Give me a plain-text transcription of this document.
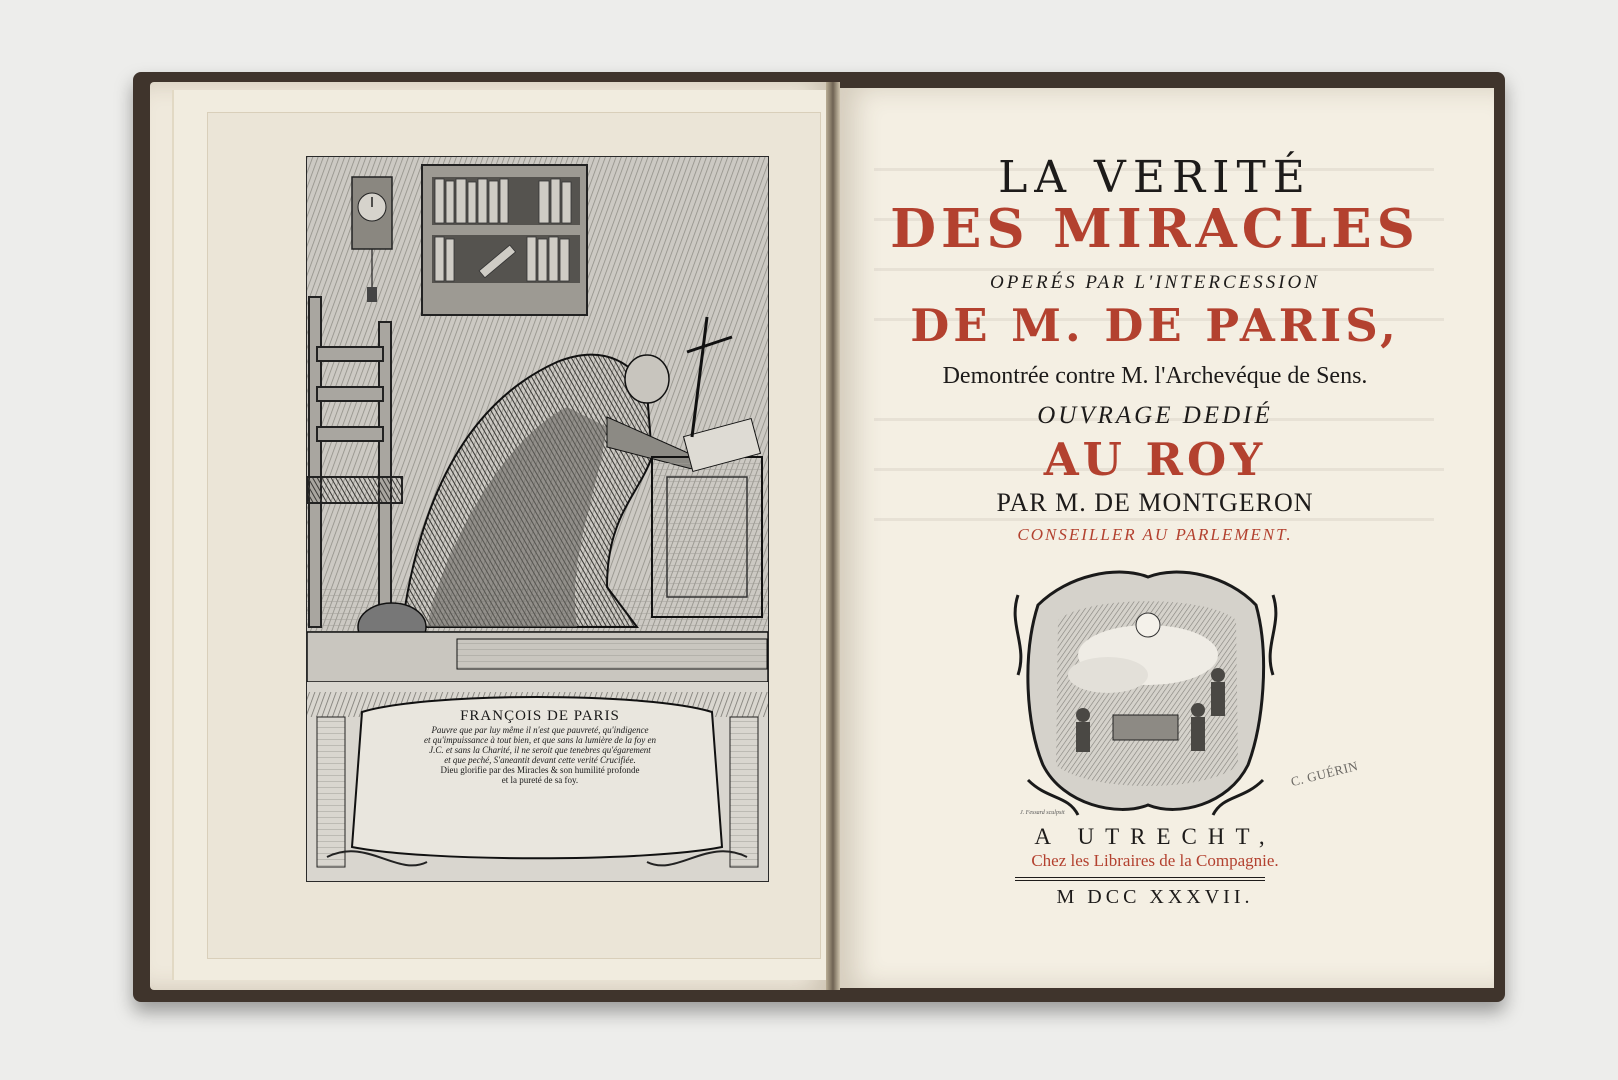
FRANÇOIS DE PARIS
Pauvre que par luy même il n'est que pauvreté, qu'indigence
et qu'impuissance à tout bien, et que sans la lumière de la foy en
J.C. et sans la Charité, il ne seroit que tenebres qu'égarement
et que peché, S'aneantit devant cette verité Crucifiée.
Dieu glorifie par des Miracles & son humilité profonde
et la pureté de sa foy.
LA VERITÉ
DES MIRACLES
OPERÉS PAR L'INTERCESSION
DE M. DE PARIS,
Demontrée contre M. l'Archevéque de Sens.
OUVRAGE DEDIÉ
AU ROY
PAR M. DE MONTGERON
CONSEILLER AU PARLEMENT.
J. Fessard sculpsit
C. GUÉRIN
A UTRECHT,
Chez les Libraires de la Compagnie.
M DCC XXXVII.
